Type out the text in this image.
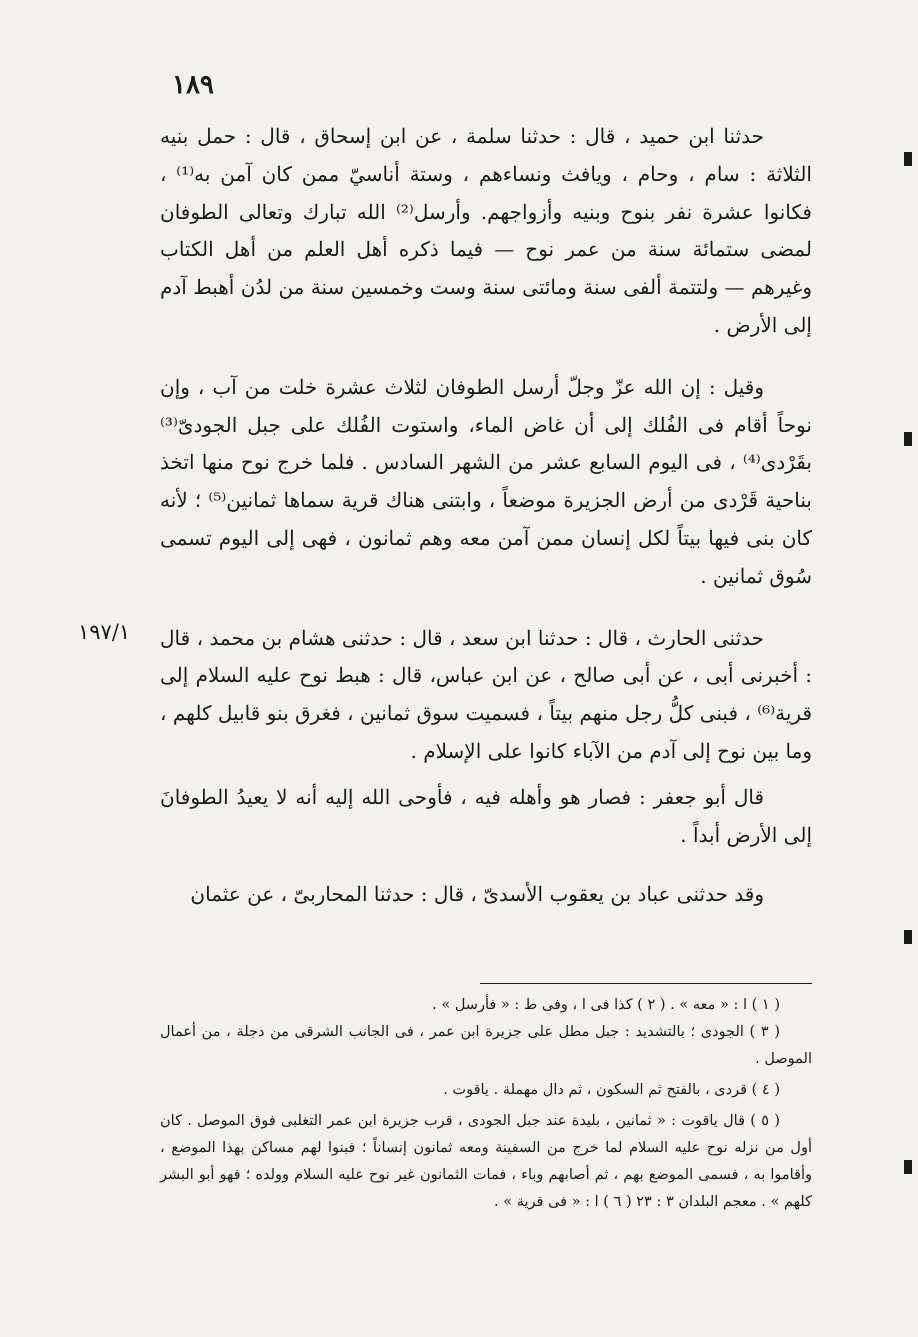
١٨٩

حدثنا ابن حميد ، قال : حدثنا سلمة ، عن ابن إسحاق ، قال : حمل بنيه الثلاثة : سام ، وحام ، ويافث ونساءهم ، وستة أناسيّ ممن كان آمن به⁽¹⁾ ، فكانوا عشرة نفر بنوح وبنيه وأزواجهم. وأرسل⁽²⁾ الله تبارك وتعالى الطوفان لمضى ستمائة سنة من عمر نوح — فيما ذكره أهل العلم من أهل الكتاب وغيرهم — ولتتمة ألفى سنة ومائتى سنة وست وخمسين سنة من لدُن أهبط آدم إلى الأرض .

وقيل : إن الله عزّ وجلّ أرسل الطوفان لثلاث عشرة خلت من آب ، وإن نوحاً أقام فى الفُلك إلى أن غاض الماء، واستوت الفُلك على جبل الجودىّ⁽³⁾ بقَرْدى⁽⁴⁾ ، فى اليوم السابع عشر من الشهر السادس . فلما خرج نوح منها اتخذ بناحية قَرْدى من أرض الجزيرة موضعاً ، وابتنى هناك قرية سماها ثمانين⁽⁵⁾ ؛ لأنه كان بنى فيها بيتاً لكل إنسان ممن آمن معه وهم ثمانون ، فهى إلى اليوم تسمى سُوق ثمانين .

حدثنى الحارث ، قال : حدثنا ابن سعد ، قال : حدثنى هشام بن محمد ، قال : أخبرنى أبى ، عن أبى صالح ، عن ابن عباس، قال : هبط نوح عليه السلام إلى قرية⁽⁶⁾ ، فبنى كلُّ رجل منهم بيتاً ، فسميت سوق ثمانين ، فغرق بنو قابيل كلهم ، وما بين نوح إلى آدم من الآباء كانوا على الإسلام .

قال أبو جعفر : فصار هو وأهله فيه ، فأوحى الله إليه أنه لا يعيدُ الطوفانَ إلى الأرض أبداً .

وقد حدثنى عباد بن يعقوب الأسدىّ ، قال : حدثنا المحاربىّ ، عن عثمان

١٩٧/١

( ١ ) ا : « معه » . ( ٢ ) كذا فى ا ، وفى ط : « فأرسل » .

( ٣ ) الجودى ؛ بالتشديد : جبل مطل على جزيرة ابن عمر ، فى الجانب الشرقى من دجلة ، من أعمال الموصل .

( ٤ ) قردى ، بالفتح ثم السكون ، ثم دال مهملة . ياقوت .

( ٥ ) قال ياقوت : « ثمانين ، بليدة عند جبل الجودى ، قرب جزيرة ابن عمر التغلبى فوق الموصل . كان أول من نزله نوح عليه السلام لما خرج من السفينة ومعه ثمانون إنساناً ؛ فبنوا لهم مساكن بهذا الموضع ، وأقاموا به ، فسمى الموضع بهم ، ثم أصابهم وباء ، فمات الثمانون غير نوح عليه السلام وولده ؛ فهو أبو البشر كلهم » . معجم البلدان ٣ : ٢٣ ( ٦ ) ا : « فى قرية » .
